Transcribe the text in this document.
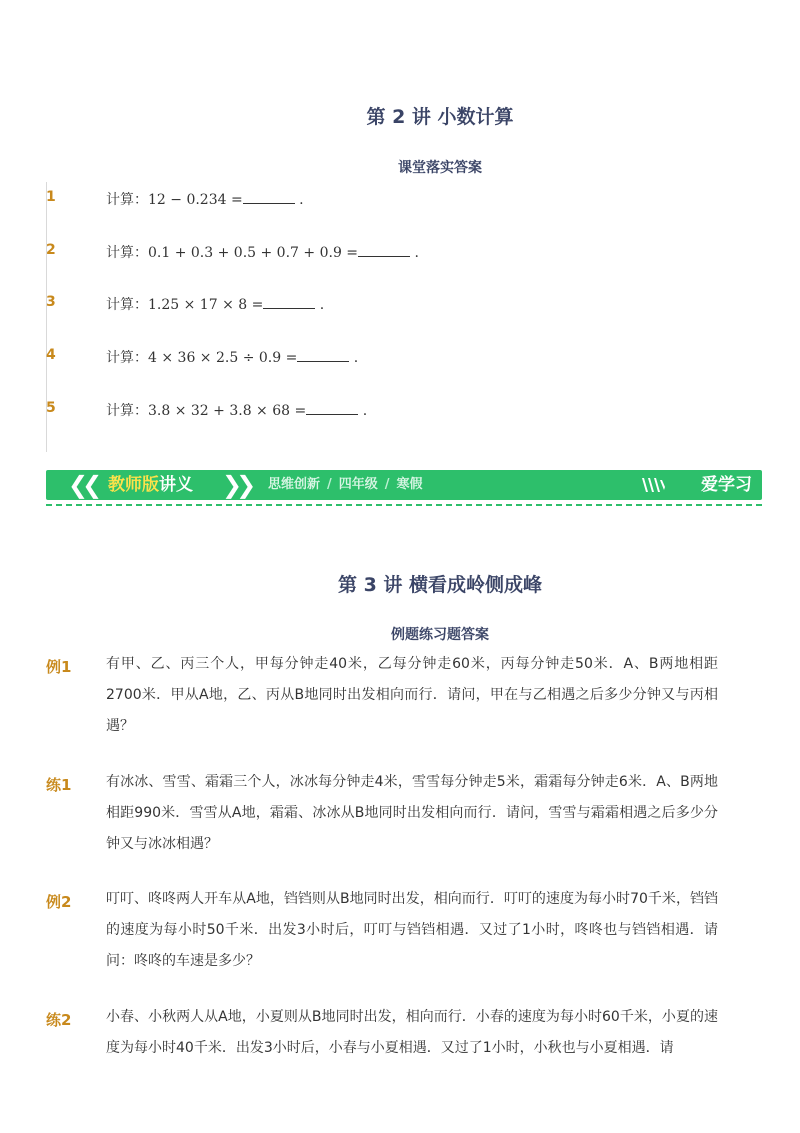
第 2 讲 小数计算
课堂落实答案
1	计算：12 − 0.234 =	.
2	计算：0.1 + 0.3 + 0.5 + 0.7 + 0.9 =	.
3	计算：1.25 × 17 × 8 =	.
4	计算：4 × 36 × 2.5 ÷ 0.9 =	.
5	计算：3.8 × 32 + 3.8 × 68 =	.
❮❮ 教师版讲义 ❯❯ 思维创新 / 四年级 / 寒假	爱学习
第 3 讲 横看成岭侧成峰
例题练习题答案
例1 有甲、乙、丙三个人，甲每分钟走40米，乙每分钟走60米，丙每分钟走50米．A、B两地相距2700米．甲从A地，乙、丙从B地同时出发相向而行．请问，甲在与乙相遇之后多少分钟又与丙相遇？
练1 有冰冰、雪雪、霜霜三个人，冰冰每分钟走4米，雪雪每分钟走5米，霜霜每分钟走6米．A、B两地相距990米．雪雪从A地，霜霜、冰冰从B地同时出发相向而行．请问，雪雪与霜霜相遇之后多少分钟又与冰冰相遇？
例2 叮叮、咚咚两人开车从A地，铛铛则从B地同时出发，相向而行．叮叮的速度为每小时70千米，铛铛的速度为每小时50千米．出发3小时后，叮叮与铛铛相遇．又过了1小时，咚咚也与铛铛相遇．请问：咚咚的车速是多少？
练2 小春、小秋两人从A地，小夏则从B地同时出发，相向而行．小春的速度为每小时60千米，小夏的速度为每小时40千米．出发3小时后，小春与小夏相遇．又过了1小时，小秋也与小夏相遇．请
